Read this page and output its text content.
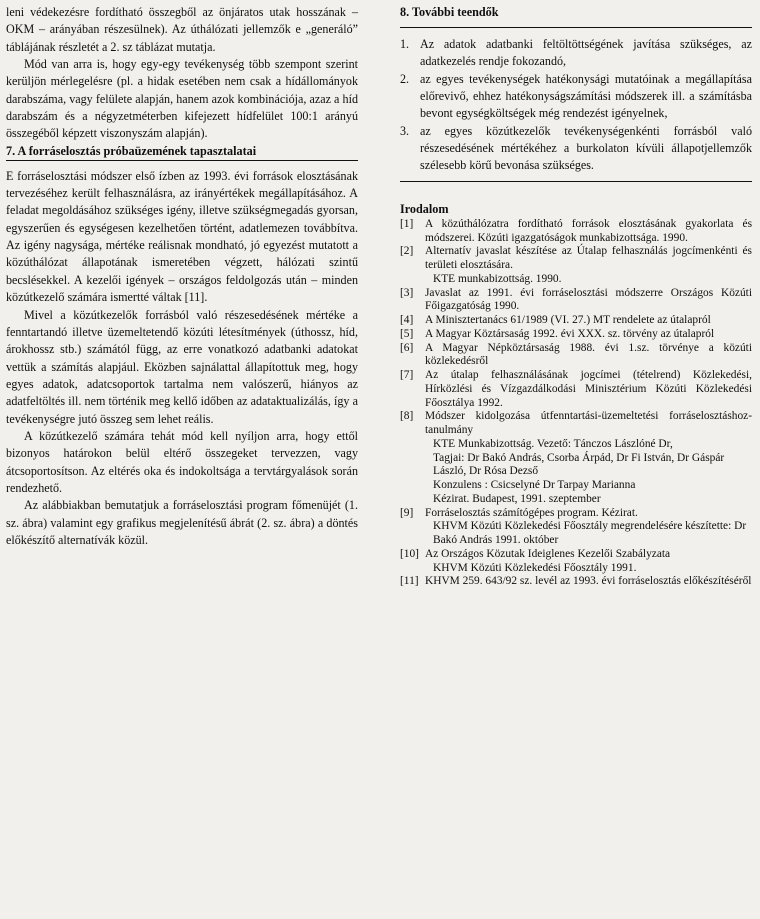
leni védekezésre fordítható összegből az önjáratos utak hosszának – OKM – arányában részesülnek). Az úthálózati jellemzők e „generáló” táblájának részletét a 2. sz táblázat mutatja.

Mód van arra is, hogy egy-egy tevékenység több szempont szerint kerüljön mérlegelésre (pl. a hidak esetében nem csak a hídállományok darabszáma, vagy felülete alapján, hanem azok kombinációja, azaz a híd darabszám és a négyzetméterben kifejezett hídfelület 100:1 arányú összegéből képzett viszonyszám alapján).

7. A forráselosztás próbaüzemének tapasztalatai

E forráselosztási módszer első ízben az 1993. évi források elosztásának tervezéséhez került felhasználásra, az irányértékek megállapításához. A feladat megoldásához szükséges igény, illetve szükségmegadás gyorsan, egyszerűen és egységesen kezelhetően történt, adatlemezen továbbítva. Az igény nagysága, mértéke reálisnak mondható, jó egyezést mutatott a közúthálózat állapotának ismeretében végzett, hálózati szintű becslésekkel. A kezelői igények – országos feldolgozás után – minden közútkezelő számára ismertté váltak [11].

Mivel a közútkezelők forrásból való részesedésének mértéke a fenntartandó illetve üzemeltetendő közúti létesítmények (úthossz, híd, árokhossz stb.) számától függ, az erre vonatkozó adatbanki adatokat vettük a számítás alapjául. Eközben sajnálattal állapítottuk meg, hogy egyes adatok, adatcsoportok tartalma nem valószerű, hiányos az adatfeltöltés ill. nem történik meg kellő időben az adataktualizálás, így a tevékenységre jutó összeg sem lehet reális.

A közútkezelő számára tehát mód kell nyíljon arra, hogy ettől bizonyos határokon belül eltérő összegeket tervezzen, vagy átcsoportosítson. Az eltérés oka és indokoltsága a tervtárgyalások során rendezhető.

Az alábbiakban bemutatjuk a forráselosztási program főmenüjét (1. sz. ábra) valamint egy grafikus megjelenítésű ábrát (2. sz. ábra) a döntés előkészítő alternatívák közül.

8. További teendők
1. Az adatok adatbanki feltöltöttségének javítása szükséges, az adatkezelés rendje fokozandó,
2. az egyes tevékenységek hatékonysági mutatóinak a megállapítása előrevivő, ehhez hatékonyságszámítási módszerek ill. a számításba bevont egységköltségek még rendezést igényelnek,
3. az egyes közútkezelők tevékenységenkénti forrásból való részesedésének mértékéhez a burkolaton kívüli állapotjellemzők szélesebb körű bevonása szükséges.
Irodalom
[1] A közúthálózatra fordítható források elosztásának gyakorlata és módszerei. Közúti igazgatóságok munkabizottsága. 1990.
[2] Alternatív javaslat készítése az Útalap felhasználás jogcímenkénti és területi elosztására.
KTE munkabizottság. 1990.
[3] Javaslat az 1991. évi forráselosztási módszerre Országos Közúti Főigazgatóság 1990.
[4] A Minisztertanács 61/1989 (VI. 27.) MT rendelete az útalapról
[5] A Magyar Köztársaság 1992. évi XXX. sz. törvény az útalapról
[6] A Magyar Népköztársaság 1988. évi 1.sz. törvénye a közúti közlekedésről
[7] Az útalap felhasználásának jogcímei (tételrend) Közlekedési, Hírközlési és Vízgazdálkodási Minisztérium Közúti Közlekedési Főosztálya 1992.
[8] Módszer kidolgozása útfenntartási-üzemeltetési forráselosztáshoz-tanulmány
KTE Munkabizottság. Vezető: Tánczos Lászlóné Dr,
Tagjai: Dr Bakó András, Csorba Árpád, Dr Fi István, Dr Gáspár László, Dr Rósa Dezső
Konzulens : Csicselyné Dr Tarpay Marianna
Kézirat. Budapest, 1991. szeptember
[9] Forráselosztás számítógépes program. Kézirat.
KHVM Közúti Közlekedési Főosztály megrendelésére készítette: Dr Bakó András 1991. október
[10] Az Országos Közutak Ideiglenes Kezelői Szabályzata
KHVM Közúti Közlekedési Főosztály 1991.
[11] KHVM 259. 643/92 sz. levél az 1993. évi forráselosztás előkészítéséről
